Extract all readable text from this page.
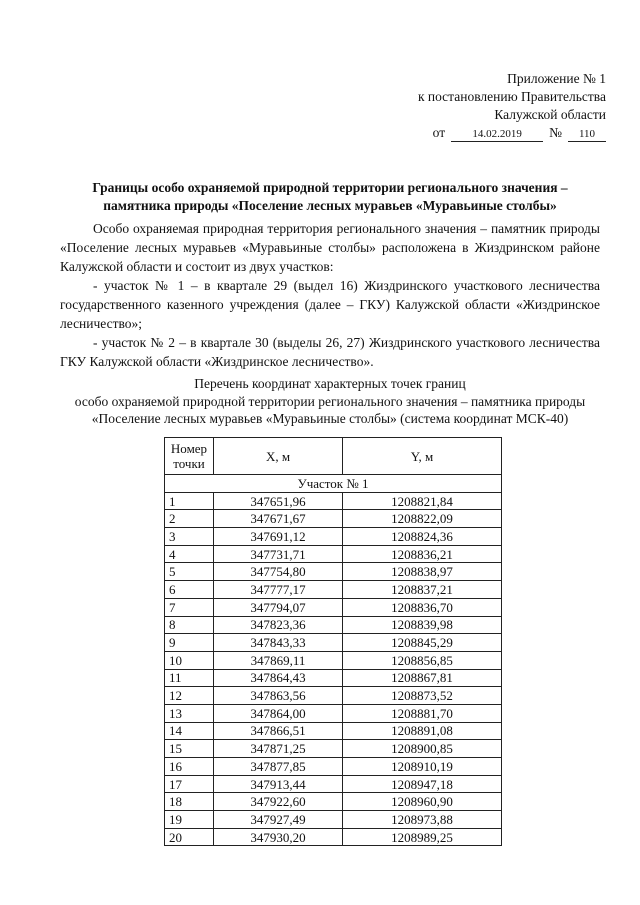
Приложение № 1
к постановлению Правительства
Калужской области
от	14.02.2019	№	110
Границы особо охраняемой природной территории регионального значения –
памятника природы «Поселение лесных муравьев «Муравьиные столбы»

Особо охраняемая природная территория регионального значения – памятник природы «Поселение лесных муравьев «Муравьиные столбы» расположена в Жиздринском районе Калужской области и состоит из двух участков:

- участок № 1 – в квартале 29 (выдел 16) Жиздринского участкового лесничества государственного казенного учреждения (далее – ГКУ) Калужской области «Жиздринское лесничество»;

- участок № 2 – в квартале 30 (выделы 26, 27) Жиздринского участкового лесничества ГКУ Калужской области «Жиздринское лесничество».

Перечень координат характерных точек границ
особо охраняемой природной территории регионального значения – памятника природы
«Поселение лесных муравьев «Муравьиные столбы» (система координат МСК-40)
Номер точки	X, м	Y, м
Участок № 1		
1	347651,96	1208821,84
2	347671,67	1208822,09
3	347691,12	1208824,36
4	347731,71	1208836,21
5	347754,80	1208838,97
6	347777,17	1208837,21
7	347794,07	1208836,70
8	347823,36	1208839,98
9	347843,33	1208845,29
10	347869,11	1208856,85
11	347864,43	1208867,81
12	347863,56	1208873,52
13	347864,00	1208881,70
14	347866,51	1208891,08
15	347871,25	1208900,85
16	347877,85	1208910,19
17	347913,44	1208947,18
18	347922,60	1208960,90
19	347927,49	1208973,88
20	347930,20	1208989,25
